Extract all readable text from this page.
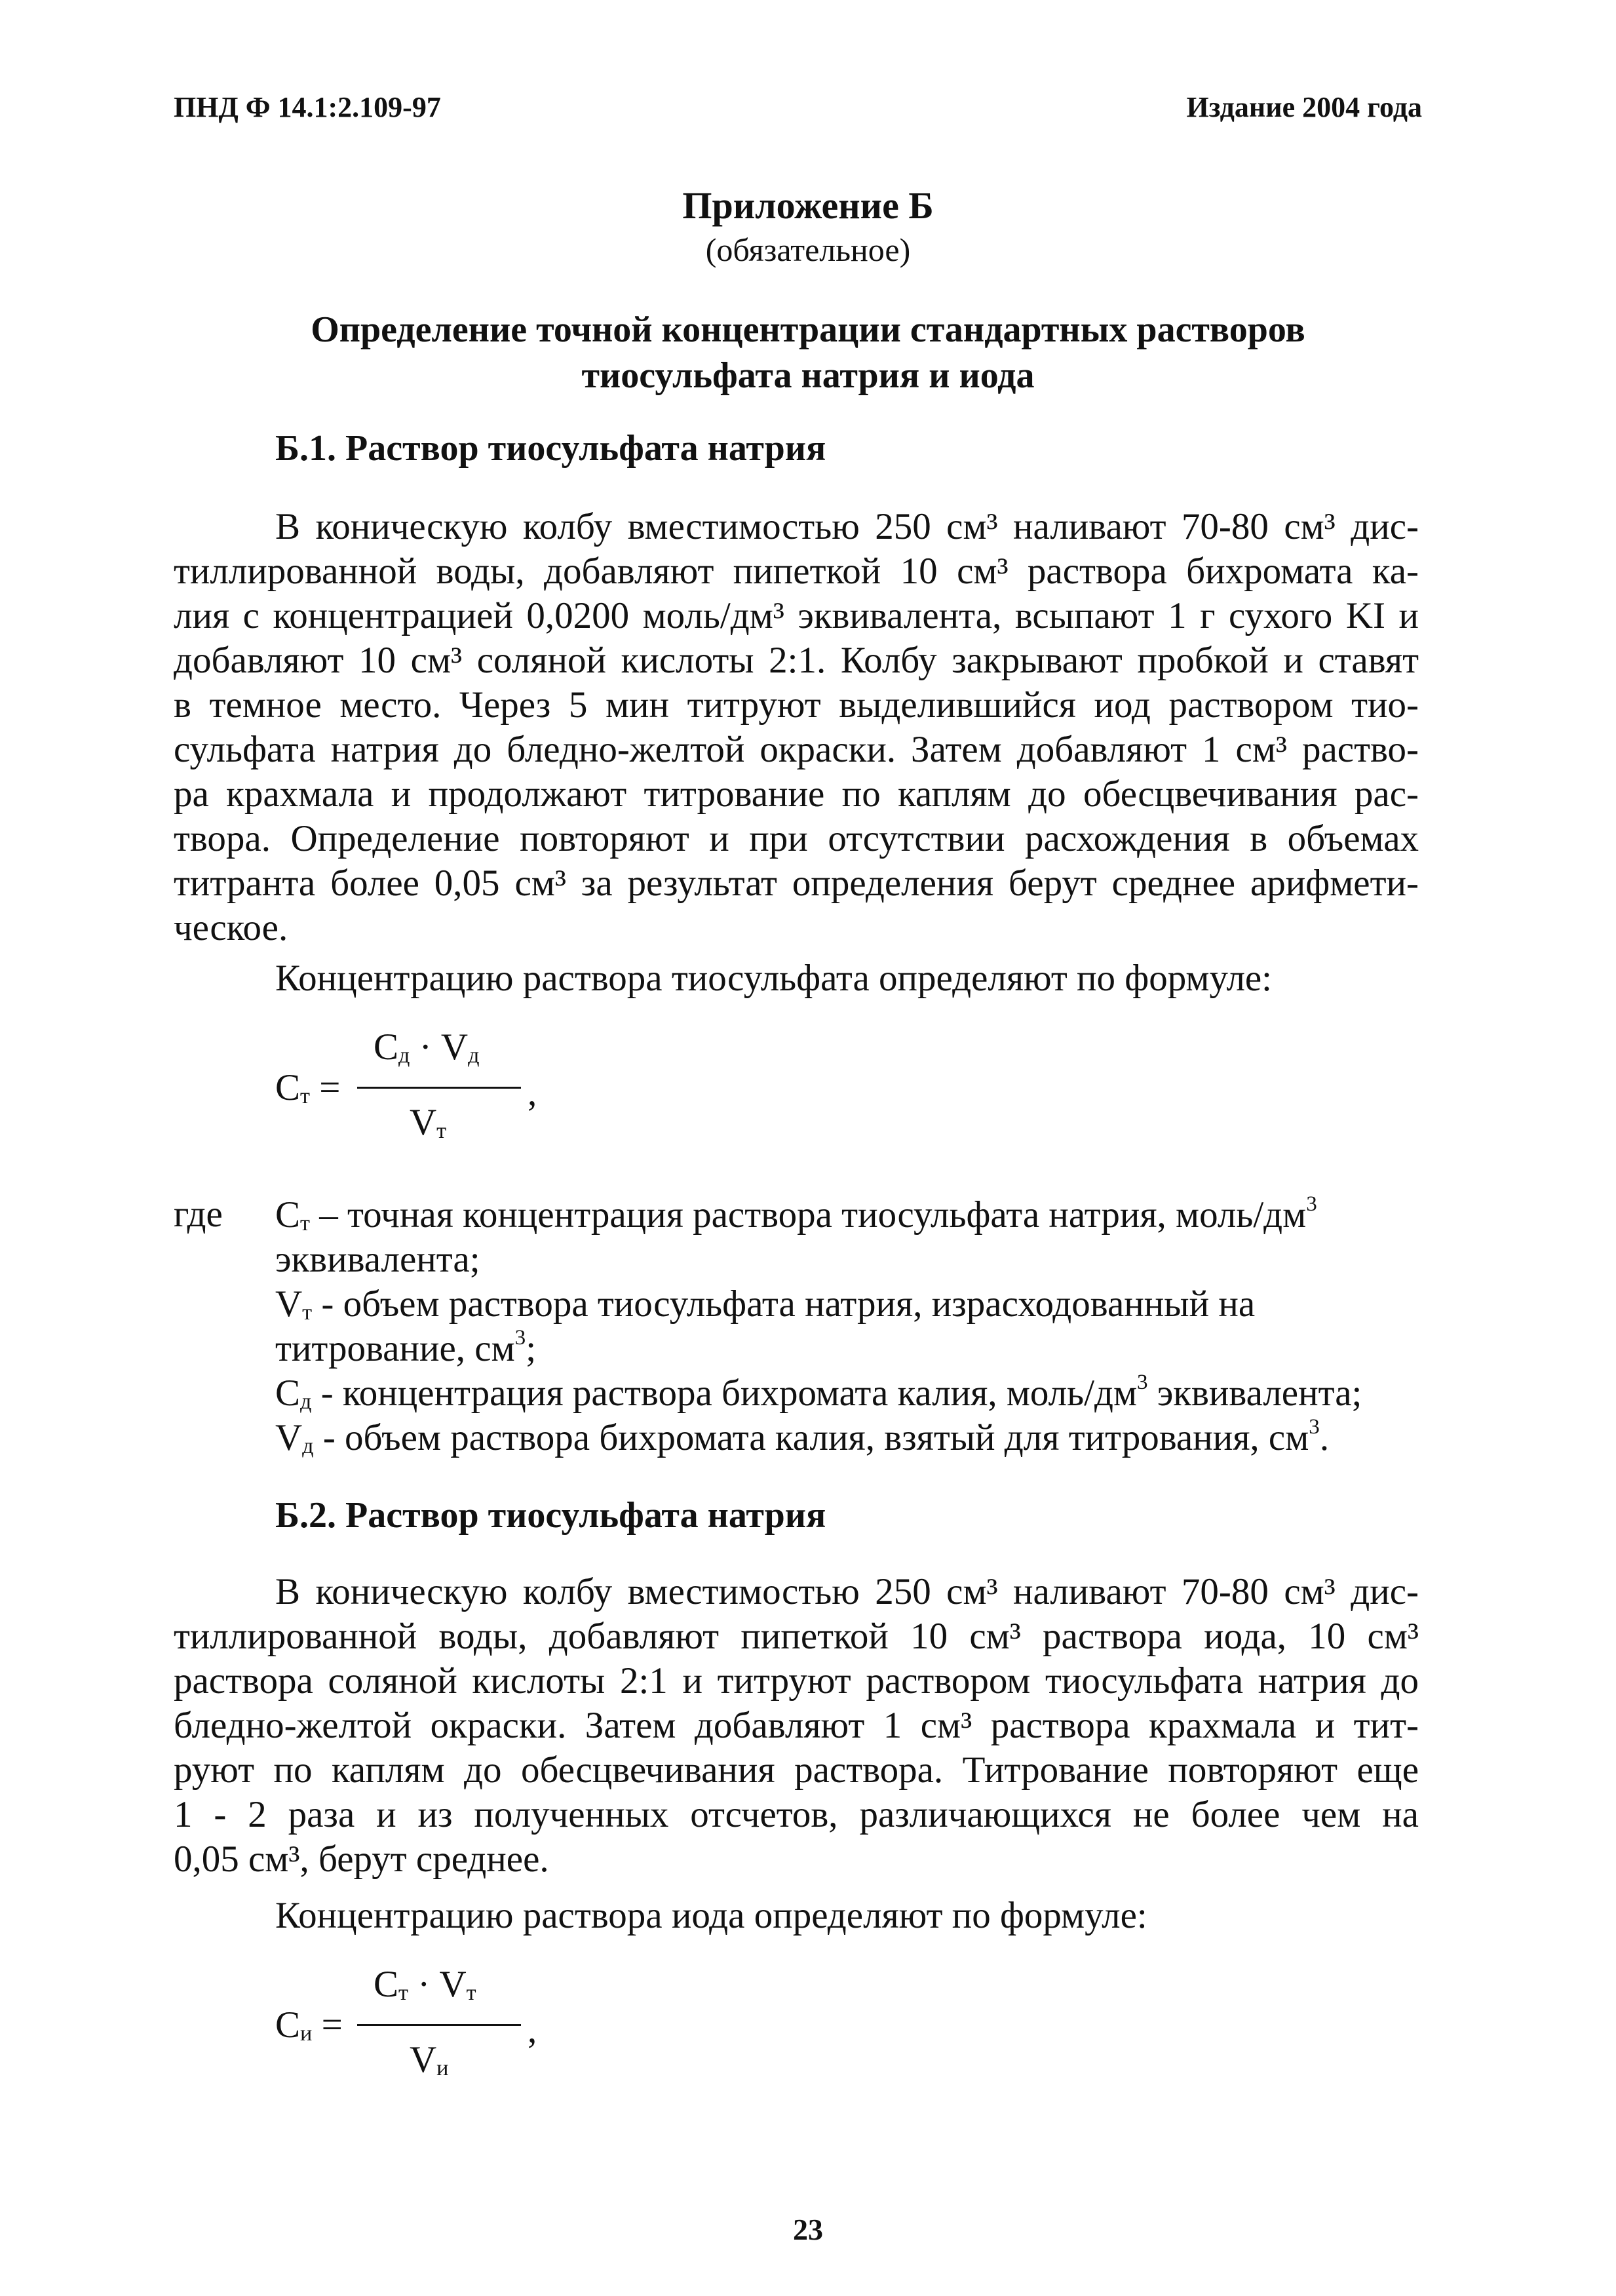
ПНД Ф 14.1:2.109-97	Издание 2004 года
Приложение Б
(обязательное)
Определение точной концентрации стандартных растворов
тиосульфата натрия и иода
Б.1. Раствор тиосульфата натрия
В коническую колбу вместимостью 250 см³ наливают 70-80 см³ дис-
тиллированной воды, добавляют пипеткой 10 см³ раствора бихромата ка-
лия с концентрацией 0,0200 моль/дм³ эквивалента, всыпают 1 г сухого KI и
добавляют 10 см³ соляной кислоты 2:1. Колбу закрывают пробкой и ставят
в темное место. Через 5 мин титруют выделившийся иод раствором тио-
сульфата натрия до бледно-желтой окраски. Затем добавляют 1 см³ раство-
ра крахмала и продолжают титрование по каплям до обесцвечивания рас-
твора. Определение повторяют и при отсутствии расхождения в объемах
титранта более 0,05 см³ за результат определения берут среднее арифмети-
ческое.
Концентрацию раствора тиосульфата определяют по формуле:
$C_т$ =
$C_д \cdot V_д$
,
$V_т$
где $C_т$ – точная концентрация раствора тиосульфата натрия, моль/$дм^3$
эквивалента;
$V_т$ - объем раствора тиосульфата натрия, израсходованный на
титрование, $см^3$;
$C_д$ - концентрация раствора бихромата калия, моль/$дм^3$ эквивалента;
$V_д$ - объем раствора бихромата калия, взятый для титрования, $см^3$.
Б.2. Раствор тиосульфата натрия
В коническую колбу вместимостью 250 см³ наливают 70-80 см³ дис-
тиллированной воды, добавляют пипеткой 10 см³ раствора иода, 10 см³
раствора соляной кислоты 2:1 и титруют раствором тиосульфата натрия до
бледно-желтой окраски. Затем добавляют 1 см³ раствора крахмала и тит-
руют по каплям до обесцвечивания раствора. Титрование повторяют еще
1 - 2 раза и из полученных отсчетов, различающихся не более чем на
0,05 см³, берут среднее.
Концентрацию раствора иода определяют по формуле:
$C_и$ =
$C_т \cdot V_т$
,
$V_и$
23
